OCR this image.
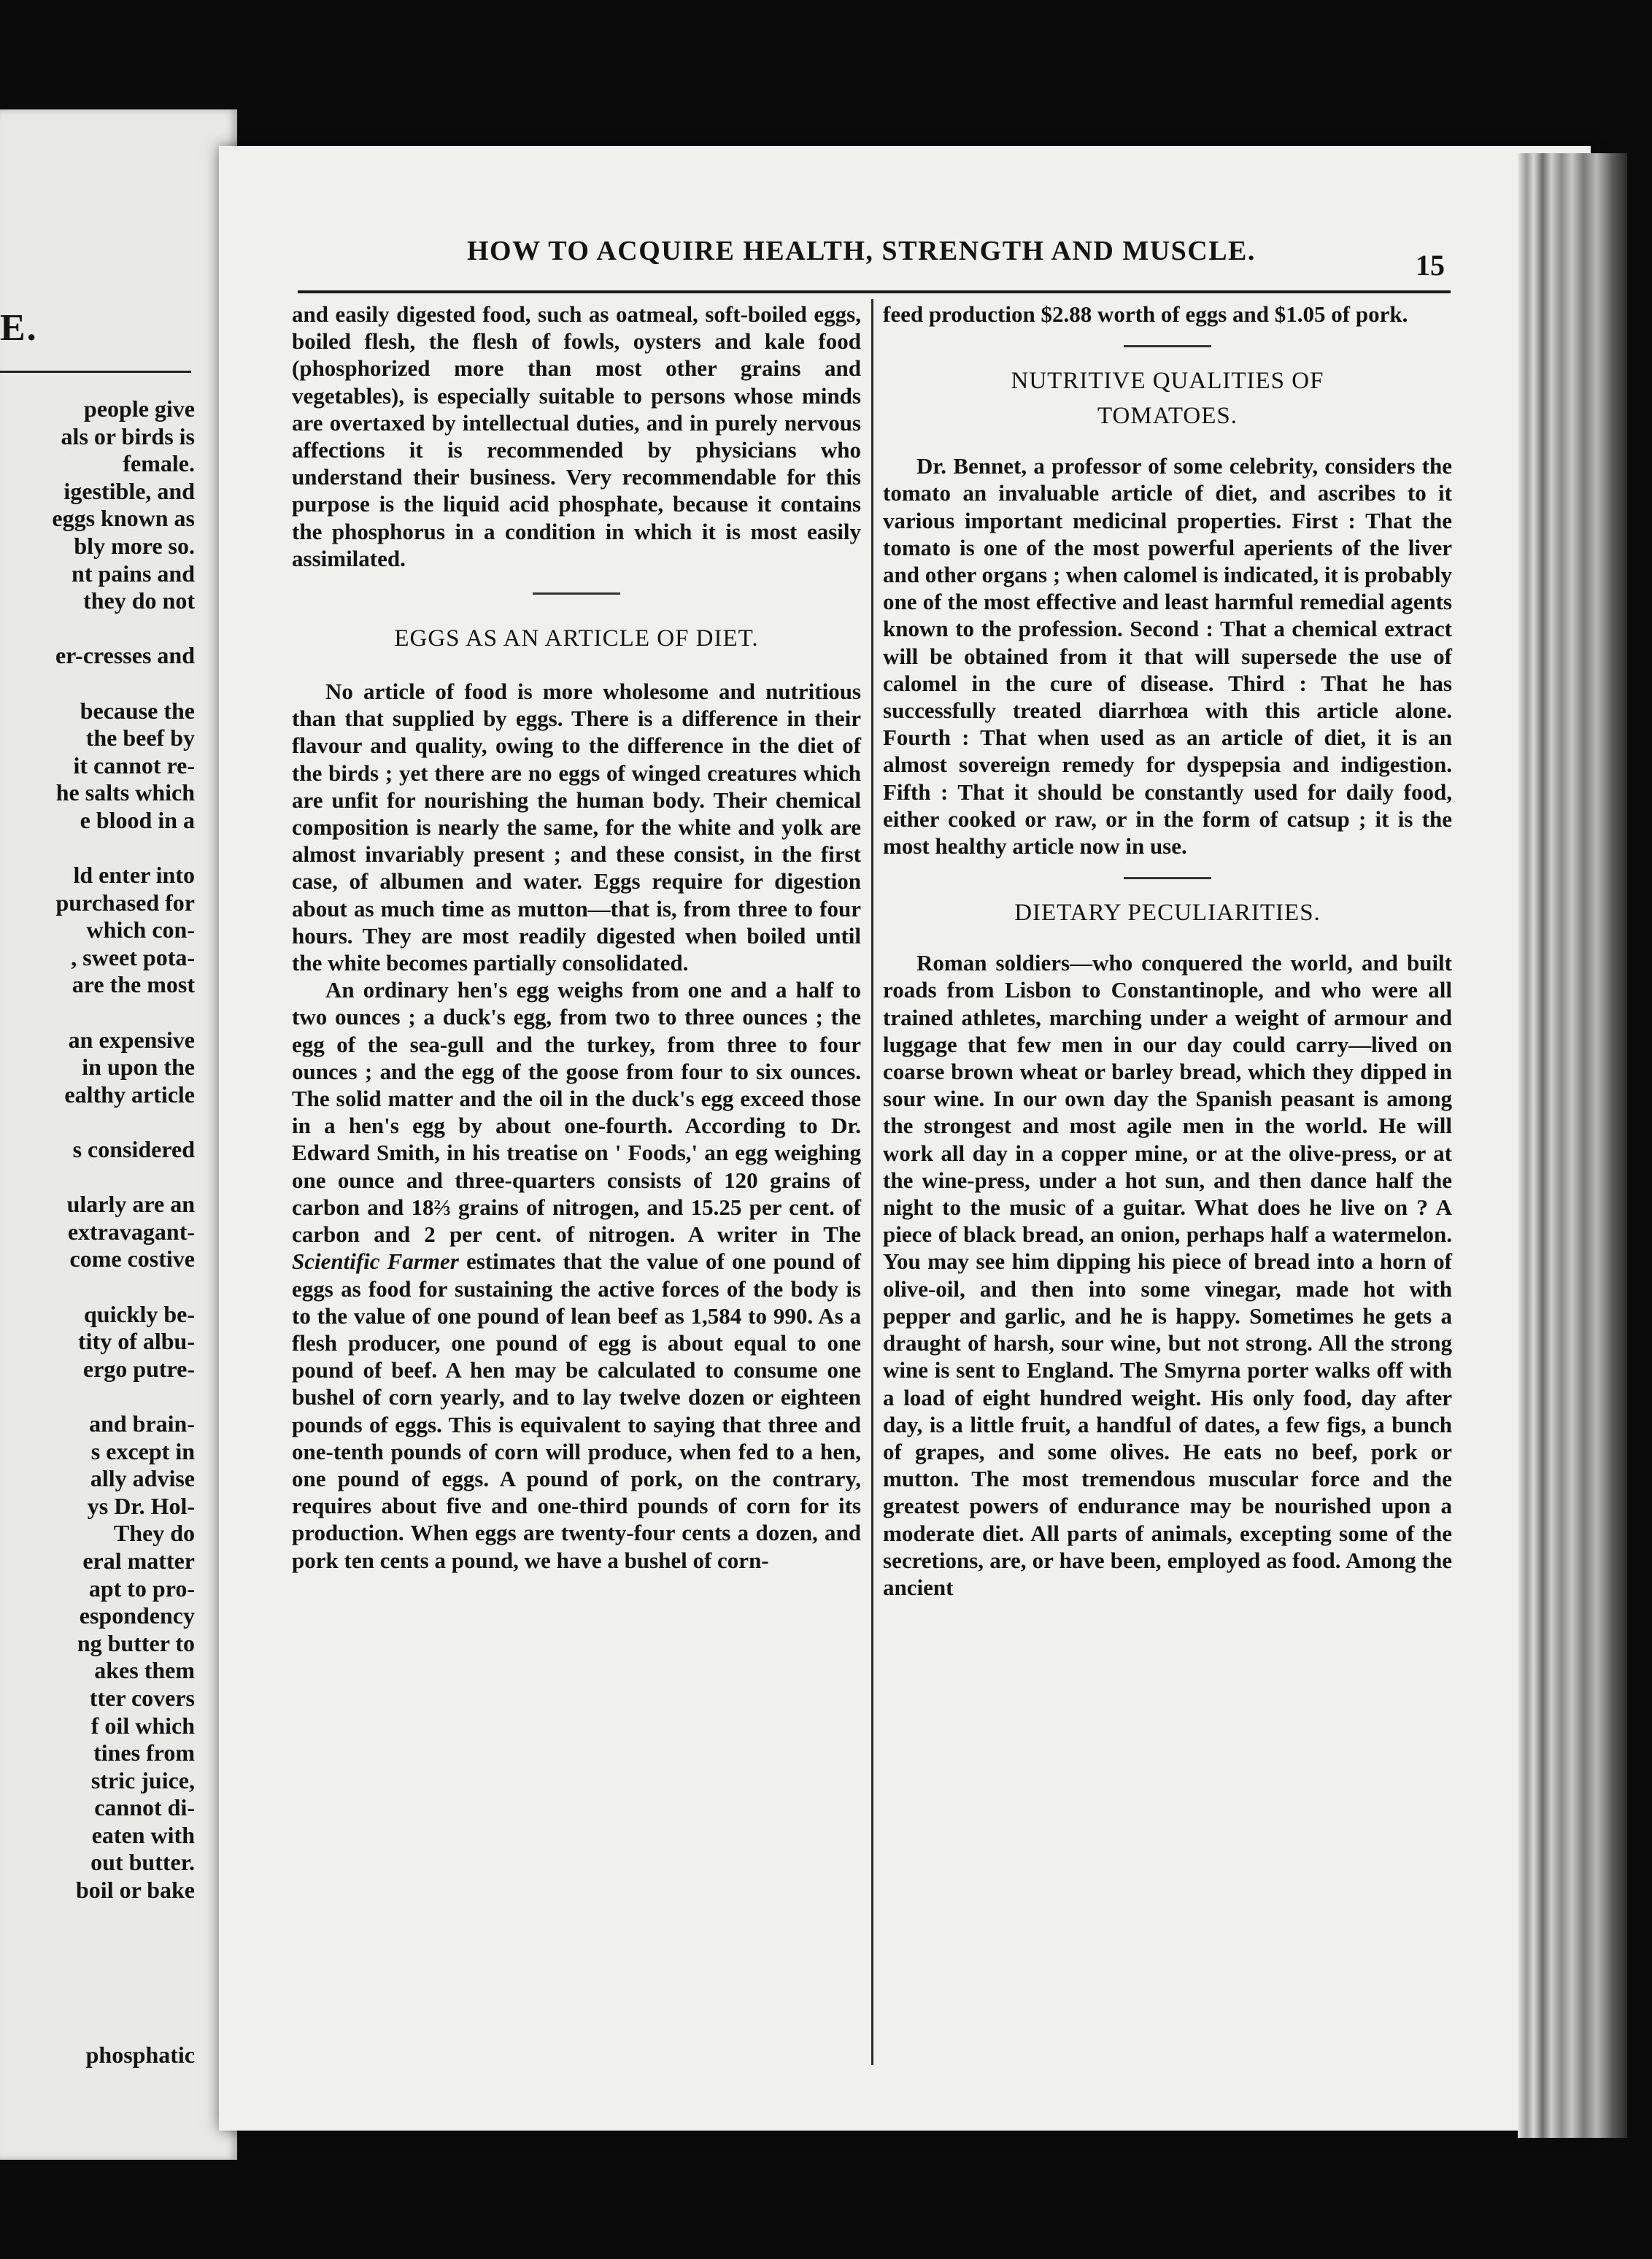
E.
people give
als or birds is
female.
igestible, and
eggs known as
bly more so.
nt pains and
they do not
er-cresses and
because the
the beef by
it cannot re-
he salts which
e blood in a
ld enter into
purchased for
which con-
, sweet pota-
are the most
an expensive
in upon the
ealthy article
s considered
ularly are an
extravagant-
come costive
quickly be-
tity of albu-
ergo putre-
and brain-
s except in
ally advise
ys Dr. Hol-
They do
eral matter
apt to pro-
espondency
ng butter to
akes them
tter covers
f oil which
tines from
stric juice,
cannot di-
eaten with
out butter.
boil or bake
phosphatic
HOW TO ACQUIRE HEALTH, STRENGTH AND MUSCLE.	15

and easily digested food, such as oatmeal, soft-boiled eggs, boiled flesh, the flesh of fowls, oysters and kale food (phosphorized more than most other grains and vegetables), is especially suitable to persons whose minds are overtaxed by intellectual duties, and in purely nervous affections it is recommended by physicians who understand their business. Very recommendable for this purpose is the liquid acid phosphate, because it contains the phosphorus in a condition in which it is most easily assimilated.

EGGS AS AN ARTICLE OF DIET.

No article of food is more wholesome and nutritious than that supplied by eggs. There is a difference in their flavour and quality, owing to the difference in the diet of the birds ; yet there are no eggs of winged creatures which are unfit for nourishing the human body. Their chemical composition is nearly the same, for the white and yolk are almost invariably present ; and these consist, in the first case, of albumen and water. Eggs require for digestion about as much time as mutton—that is, from three to four hours. They are most readily digested when boiled until the white becomes partially consolidated.

An ordinary hen's egg weighs from one and a half to two ounces ; a duck's egg, from two to three ounces ; the egg of the sea-gull and the turkey, from three to four ounces ; and the egg of the goose from four to six ounces. The solid matter and the oil in the duck's egg exceed those in a hen's egg by about one-fourth. According to Dr. Edward Smith, in his treatise on ' Foods,' an egg weighing one ounce and three-quarters consists of 120 grains of carbon and 18⅔ grains of nitrogen, and 15.25 per cent. of carbon and 2 per cent. of nitrogen. A writer in The Scientific Farmer estimates that the value of one pound of eggs as food for sustaining the active forces of the body is to the value of one pound of lean beef as 1,584 to 990. As a flesh producer, one pound of egg is about equal to one pound of beef. A hen may be calculated to consume one bushel of corn yearly, and to lay twelve dozen or eighteen pounds of eggs. This is equivalent to saying that three and one-tenth pounds of corn will produce, when fed to a hen, one pound of eggs. A pound of pork, on the contrary, requires about five and one-third pounds of corn for its production. When eggs are twenty-four cents a dozen, and pork ten cents a pound, we have a bushel of corn-

feed production $2.88 worth of eggs and $1.05 of pork.

NUTRITIVE QUALITIES OF
TOMATOES.

Dr. Bennet, a professor of some celebrity, considers the tomato an invaluable article of diet, and ascribes to it various important medicinal properties. First : That the tomato is one of the most powerful aperients of the liver and other organs ; when calomel is indicated, it is probably one of the most effective and least harmful remedial agents known to the profession. Second : That a chemical extract will be obtained from it that will supersede the use of calomel in the cure of disease. Third : That he has successfully treated diarrhœa with this article alone. Fourth : That when used as an article of diet, it is an almost sovereign remedy for dyspepsia and indigestion. Fifth : That it should be constantly used for daily food, either cooked or raw, or in the form of catsup ; it is the most healthy article now in use.

DIETARY PECULIARITIES.

Roman soldiers—who conquered the world, and built roads from Lisbon to Constantinople, and who were all trained athletes, marching under a weight of armour and luggage that few men in our day could carry—lived on coarse brown wheat or barley bread, which they dipped in sour wine. In our own day the Spanish peasant is among the strongest and most agile men in the world. He will work all day in a copper mine, or at the olive-press, or at the wine-press, under a hot sun, and then dance half the night to the music of a guitar. What does he live on ? A piece of black bread, an onion, perhaps half a watermelon. You may see him dipping his piece of bread into a horn of olive-oil, and then into some vinegar, made hot with pepper and garlic, and he is happy. Sometimes he gets a draught of harsh, sour wine, but not strong. All the strong wine is sent to England. The Smyrna porter walks off with a load of eight hundred weight. His only food, day after day, is a little fruit, a handful of dates, a few figs, a bunch of grapes, and some olives. He eats no beef, pork or mutton. The most tremendous muscular force and the greatest powers of endurance may be nourished upon a moderate diet. All parts of animals, excepting some of the secretions, are, or have been, employed as food. Among the ancient
